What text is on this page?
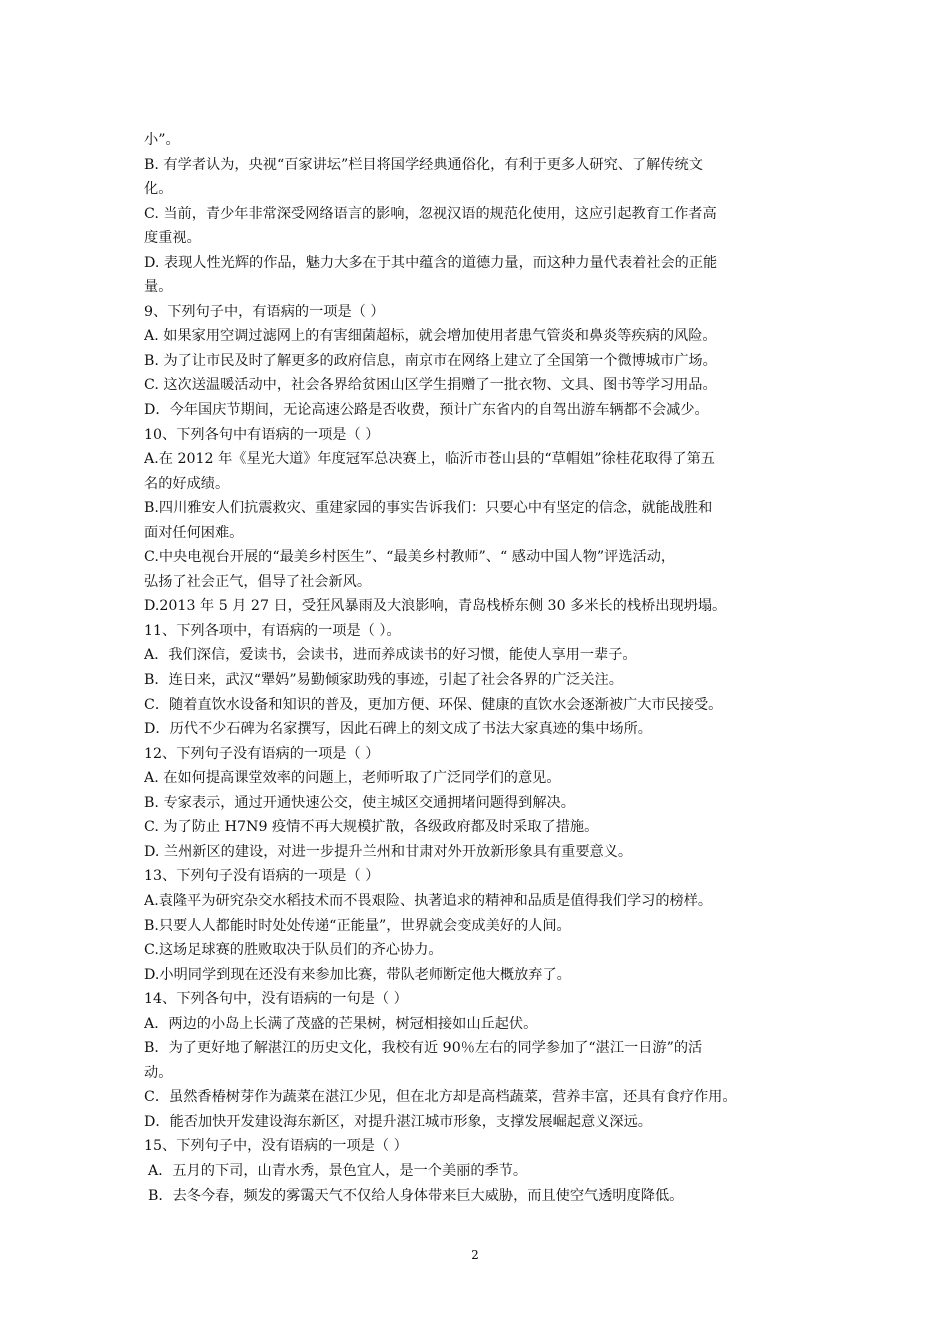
小”。
B. 有学者认为，央视“百家讲坛”栏目将国学经典通俗化，有利于更多人研究、了解传统文
化。
C. 当前，青少年非常深受网络语言的影响，忽视汉语的规范化使用，这应引起教育工作者高
度重视。
D. 表现人性光辉的作品，魅力大多在于其中蕴含的道德力量，而这种力量代表着社会的正能
量。
9、下列句子中，有语病的一项是（ ）
A. 如果家用空调过滤网上的有害细菌超标，就会增加使用者患气管炎和鼻炎等疾病的风险。
B. 为了让市民及时了解更多的政府信息，南京市在网络上建立了全国第一个微博城市广场。
C. 这次送温暖活动中，社会各界给贫困山区学生捐赠了一批衣物、文具、图书等学习用品。
D．今年国庆节期间，无论高速公路是否收费，预计广东省内的自驾出游车辆都不会减少。
10、下列各句中有语病的一项是（ ）
A.在 2012 年《星光大道》年度冠军总决赛上，临沂市苍山县的“草帽姐”徐桂花取得了第五
名的好成绩。
B.四川雅安人们抗震救灾、重建家园的事实告诉我们：只要心中有坚定的信念，就能战胜和
面对任何困难。
C.中央电视台开展的“最美乡村医生”、“最美乡村教师”、“ 感动中国人物”评选活动，
弘扬了社会正气，倡导了社会新风。
D.2013 年 5 月 27 日，受狂风暴雨及大浪影响，青岛栈桥东侧 30 多米长的栈桥出现坍塌。
11、下列各项中，有语病的一项是（ ）。
A．我们深信，爱读书，会读书，进而养成读书的好习惯，能使人享用一辈子。
B．连日来，武汉“犟妈”易勤倾家助残的事迹，引起了社会各界的广泛关注。
C．随着直饮水设备和知识的普及，更加方便、环保、健康的直饮水会逐渐被广大市民接受。
D．历代不少石碑为名家撰写，因此石碑上的刻文成了书法大家真迹的集中场所。
12、下列句子没有语病的一项是（ ）
A. 在如何提高课堂效率的问题上，老师听取了广泛同学们的意见。
B. 专家表示，通过开通快速公交，使主城区交通拥堵问题得到解决。
C. 为了防止 H7N9 疫情不再大规模扩散，各级政府都及时采取了措施。
D. 兰州新区的建设，对进一步提升兰州和甘肃对外开放新形象具有重要意义。
13、下列句子没有语病的一项是（ ）
A.袁隆平为研究杂交水稻技术而不畏艰险、执著追求的精神和品质是值得我们学习的榜样。
B.只要人人都能时时处处传递“正能量”，世界就会变成美好的人间。
C.这场足球赛的胜败取决于队员们的齐心协力。
D.小明同学到现在还没有来参加比赛，带队老师断定他大概放弃了。
14、下列各句中，没有语病的一句是（ ）
A．两边的小岛上长满了茂盛的芒果树，树冠相接如山丘起伏。
B．为了更好地了解湛江的历史文化，我校有近 90％左右的同学参加了“湛江一日游”的活
动。
C．虽然香椿树芽作为蔬菜在湛江少见，但在北方却是高档蔬菜，营养丰富，还具有食疗作用。
D．能否加快开发建设海东新区，对提升湛江城市形象，支撑发展崛起意义深远。
15、下列句子中，没有语病的一项是（ ）
A．五月的下司，山青水秀，景色宜人，是一个美丽的季节。
B．去冬今春，频发的雾霭天气不仅给人身体带来巨大威胁，而且使空气透明度降低。
2
